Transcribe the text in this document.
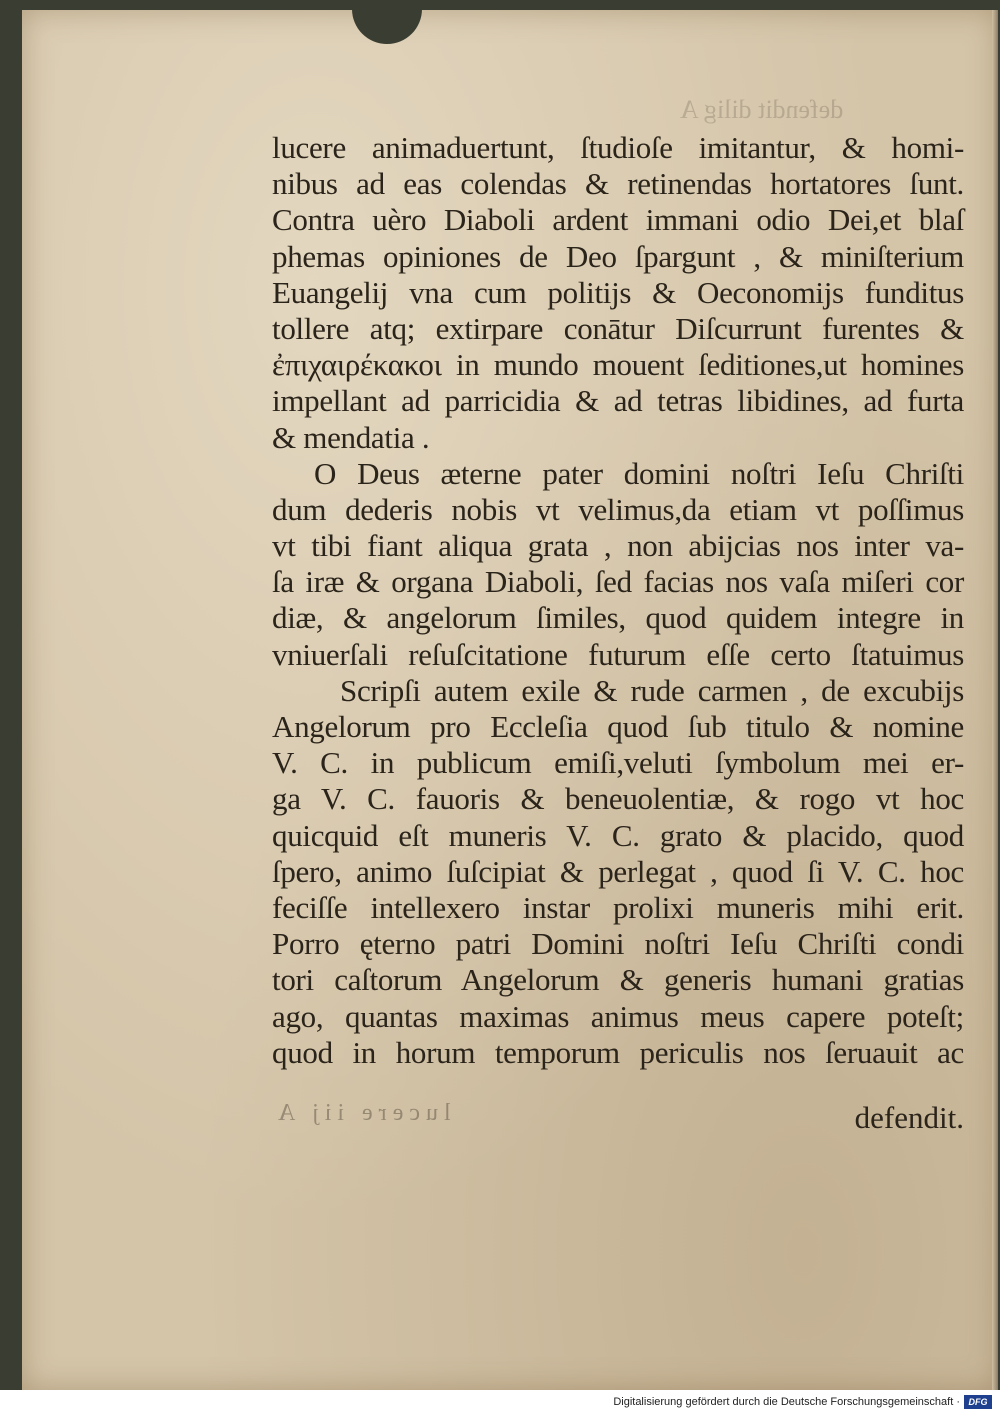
defendit dilig A
lucere animaduertunt, ſtudioſe imitantur, & homi-
nibus ad eas colendas & retinendas hortatores ſunt.
Contra uèro Diaboli ardent immani odio Dei,et blaſ
phemas opiniones de Deo ſpargunt , & miniſterium
Euangelij vna cum politijs & Oeconomijs funditus
tollere atq; extirpare conātur Diſcurrunt furentes &
ἐπιχαιρέκακοι in mundo mouent ſeditiones,ut homines
impellant ad parricidia & ad tetras libidines, ad furta
& mendatia .
O Deus æterne pater domini noſtri Ieſu Chriſti
dum dederis nobis vt velimus,da etiam vt poſſimus
vt tibi fiant aliqua grata , non abijcias nos inter va-
ſa iræ & organa Diaboli, ſed facias nos vaſa miſeri cor
diæ, & angelorum ſimiles, quod quidem integre in
vniuerſali reſuſcitatione futurum eſſe certo ſtatuimus
Scripſi autem exile & rude carmen , de excubijs
Angelorum pro Eccleſia quod ſub titulo & nomine
V. C. in publicum emiſi,veluti ſymbolum mei er-
ga V. C. fauoris & beneuolentiæ, & rogo vt hoc
quicquid eſt muneris V. C. grato & placido, quod
ſpero, animo ſuſcipiat & perlegat , quod ſi V. C. hoc
feciſſe intellexero instar prolixi muneris mihi erit.
Porro ęterno patri Domini noſtri Ieſu Chriſti condi
tori caſtorum Angelorum & generis humani gratias
ago, quantas maximas animus meus capere poteſt;
quod in horum temporum periculis nos ſeruauit ac
lucere iij A	defendit.
Digitalisierung gefördert durch die Deutsche Forschungsgemeinschaft · DFG
